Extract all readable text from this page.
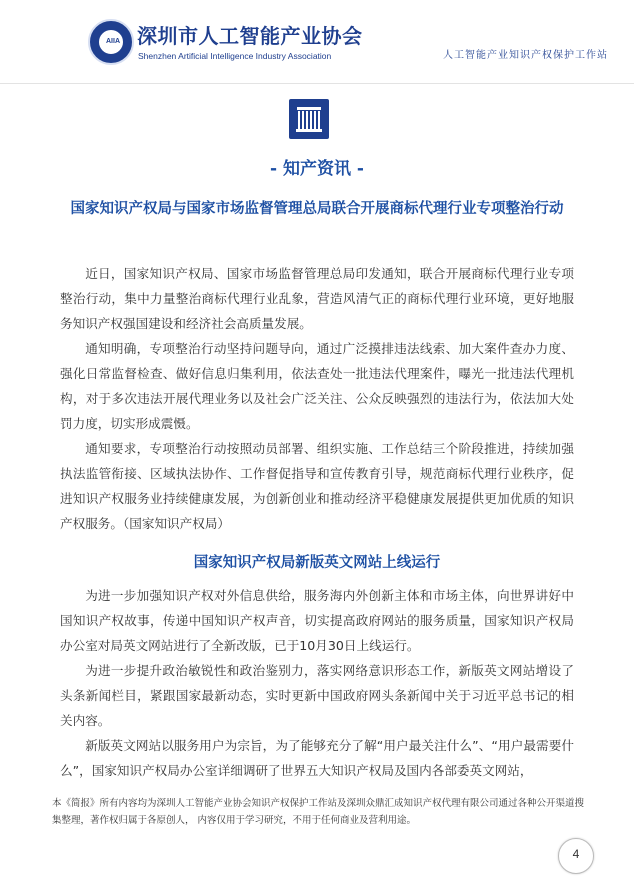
AIIA 深圳市人工智能产业协会
Shenzhen Artificial Intelligence Industry Association	人工智能产业知识产权保护工作站
- 知产资讯 -
国家知识产权局与国家市场监督管理总局联合开展商标代理行业专项整治行动

近日，国家知识产权局、国家市场监督管理总局印发通知，联合开展商标代理行业专项整治行动，集中力量整治商标代理行业乱象，营造风清气正的商标代理行业环境，更好地服务知识产权强国建设和经济社会高质量发展。

通知明确，专项整治行动坚持问题导向，通过广泛摸排违法线索、加大案件查办力度、强化日常监督检查、做好信息归集利用，依法查处一批违法代理案件，曝光一批违法代理机构，对于多次违法开展代理业务以及社会广泛关注、公众反映强烈的违法行为，依法加大处罚力度，切实形成震慑。

通知要求，专项整治行动按照动员部署、组织实施、工作总结三个阶段推进，持续加强执法监管衔接、区域执法协作、工作督促指导和宣传教育引导，规范商标代理行业秩序，促进知识产权服务业持续健康发展，为创新创业和推动经济平稳健康发展提供更加优质的知识产权服务。（国家知识产权局）

国家知识产权局新版英文网站上线运行

为进一步加强知识产权对外信息供给，服务海内外创新主体和市场主体，向世界讲好中国知识产权故事，传递中国知识产权声音，切实提高政府网站的服务质量，国家知识产权局办公室对局英文网站进行了全新改版，已于10月30日上线运行。

为进一步提升政治敏锐性和政治鉴别力，落实网络意识形态工作，新版英文网站增设了头条新闻栏目，紧跟国家最新动态，实时更新中国政府网头条新闻中关于习近平总书记的相关内容。

新版英文网站以服务用户为宗旨，为了能够充分了解“用户最关注什么”、“用户最需要什么”，国家知识产权局办公室详细调研了世界五大知识产权局及国内各部委英文网站，

本《简报》所有内容均为深圳人工智能产业协会知识产权保护工作站及深圳众鼎汇成知识产权代理有限公司通过各种公开渠道搜集整理，著作权归属于各原创人， 内容仅用于学习研究，不用于任何商业及营利用途。
4
